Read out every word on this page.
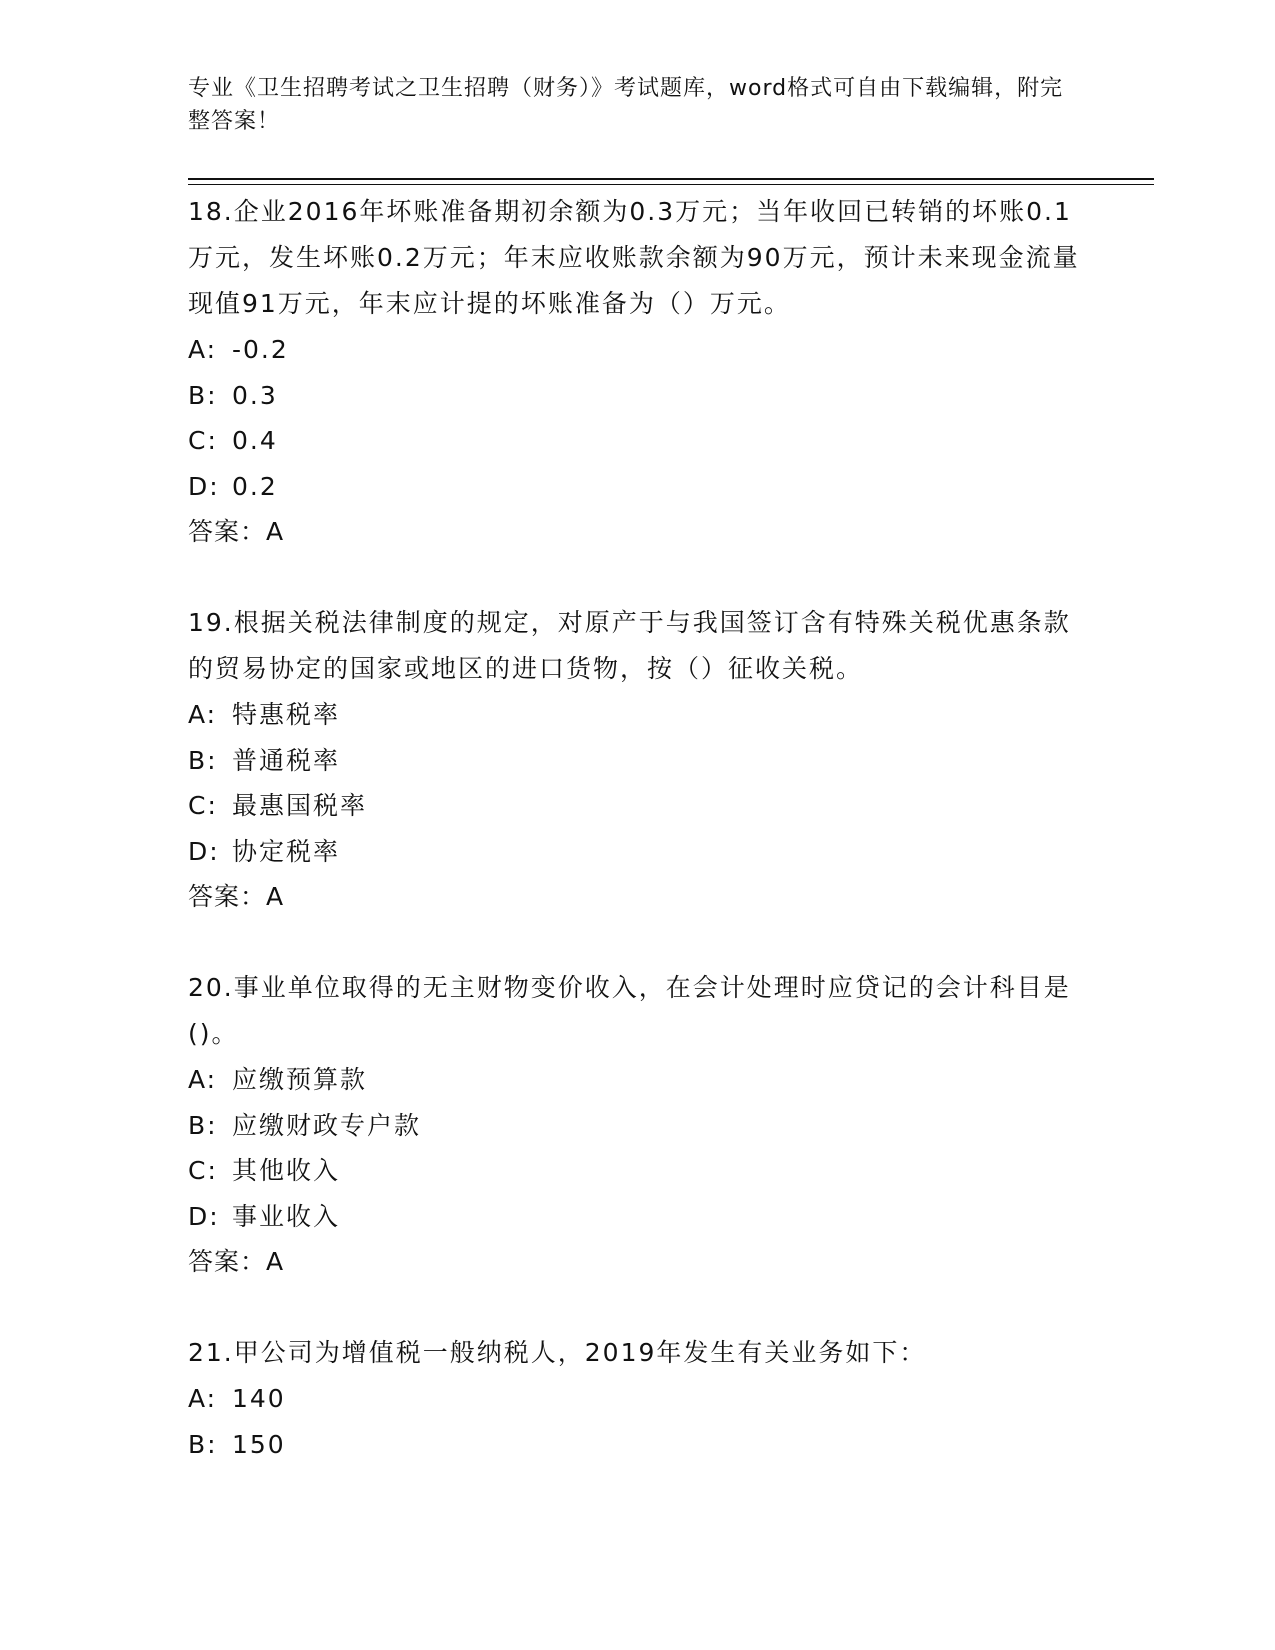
专业《卫生招聘考试之卫生招聘（财务）》考试题库，word格式可自由下载编辑，附完整答案！
18.企业2016年坏账准备期初余额为0.3万元；当年收回已转销的坏账0.1万元，发生坏账0.2万元；年末应收账款余额为90万元，预计未来现金流量现值91万元，年末应计提的坏账准备为（）万元。
A: -0.2
B: 0.3
C: 0.4
D: 0.2
答案：A
19.根据关税法律制度的规定，对原产于与我国签订含有特殊关税优惠条款的贸易协定的国家或地区的进口货物，按（）征收关税。
A: 特惠税率
B: 普通税率
C: 最惠国税率
D: 协定税率
答案：A
20.事业单位取得的无主财物变价收入，在会计处理时应贷记的会计科目是()。
A: 应缴预算款
B: 应缴财政专户款
C: 其他收入
D: 事业收入
答案：A
21.甲公司为增值税一般纳税人，2019年发生有关业务如下：
A: 140
B: 150
